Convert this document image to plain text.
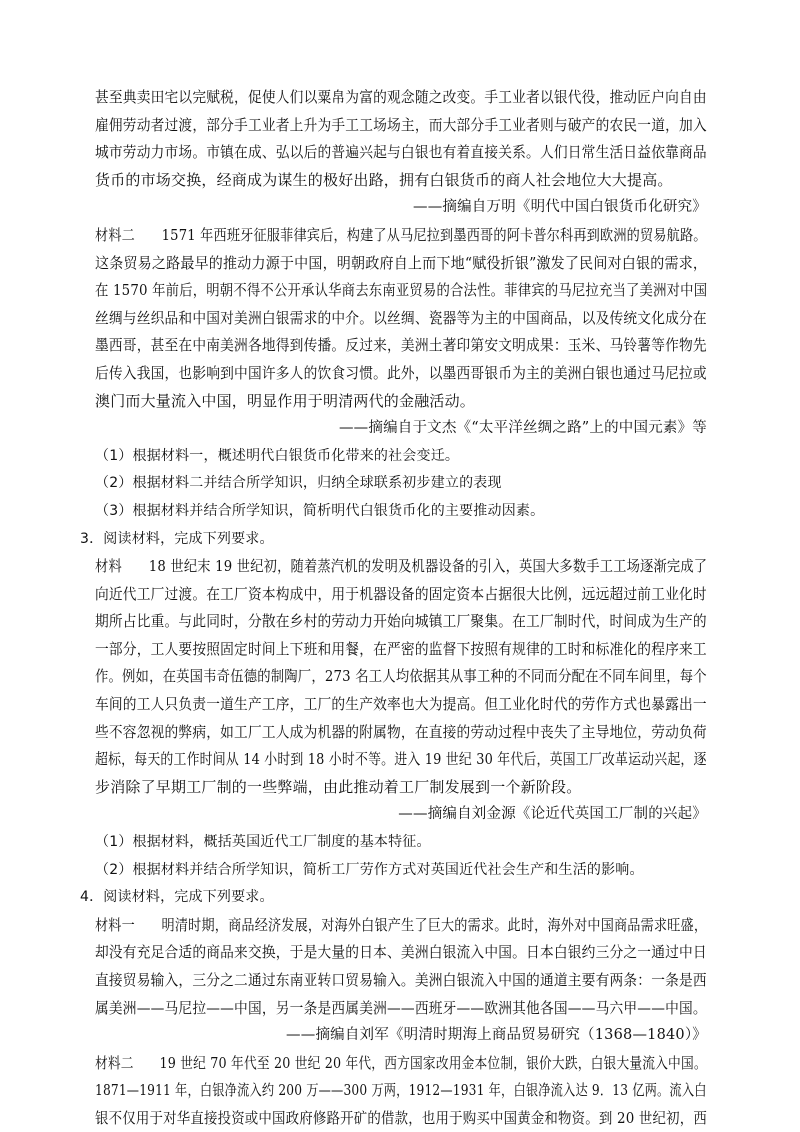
甚至典卖田宅以完赋税，促使人们以粟帛为富的观念随之改变。手工业者以银代役，推动匠户向自由
雇佣劳动者过渡，部分手工业者上升为手工工场场主，而大部分手工业者则与破产的农民一道，加入
城市劳动力市场。市镇在成、弘以后的普遍兴起与白银也有着直接关系。人们日常生活日益依靠商品
货币的市场交换，经商成为谋生的极好出路，拥有白银货币的商人社会地位大大提高。
——摘编自万明《明代中国白银货币化研究》
材料二　　1571 年西班牙征服菲律宾后，构建了从马尼拉到墨西哥的阿卡普尔科再到欧洲的贸易航路。
这条贸易之路最早的推动力源于中国，明朝政府自上而下地“赋役折银”激发了民间对白银的需求，
在 1570 年前后，明朝不得不公开承认华商去东南亚贸易的合法性。菲律宾的马尼拉充当了美洲对中国
丝绸与丝织品和中国对美洲白银需求的中介。以丝绸、瓷器等为主的中国商品，以及传统文化成分在
墨西哥，甚至在中南美洲各地得到传播。反过来，美洲土著印第安文明成果：玉米、马铃薯等作物先
后传入我国，也影响到中国许多人的饮食习惯。此外，以墨西哥银币为主的美洲白银也通过马尼拉或
澳门而大量流入中国，明显作用于明清两代的金融活动。
——摘编自于文杰《“太平洋丝绸之路”上的中国元素》等
（1）根据材料一，概述明代白银货币化带来的社会变迁。
（2）根据材料二并结合所学知识，归纳全球联系初步建立的表现
（3）根据材料并结合所学知识，简析明代白银货币化的主要推动因素。
3．阅读材料，完成下列要求。
材料　　18 世纪末 19 世纪初，随着蒸汽机的发明及机器设备的引入，英国大多数手工工场逐渐完成了
向近代工厂过渡。在工厂资本构成中，用于机器设备的固定资本占据很大比例，远远超过前工业化时
期所占比重。与此同时，分散在乡村的劳动力开始向城镇工厂聚集。在工厂制时代，时间成为生产的
一部分，工人要按照固定时间上下班和用餐，在严密的监督下按照有规律的工时和标准化的程序来工
作。例如，在英国韦奇伍德的制陶厂，273 名工人均依据其从事工种的不同而分配在不同车间里，每个
车间的工人只负责一道生产工序，工厂的生产效率也大为提高。但工业化时代的劳作方式也暴露出一
些不容忽视的弊病，如工厂工人成为机器的附属物，在直接的劳动过程中丧失了主导地位，劳动负荷
超标，每天的工作时间从 14 小时到 18 小时不等。进入 19 世纪 30 年代后，英国工厂改革运动兴起，逐
步消除了早期工厂制的一些弊端，由此推动着工厂制发展到一个新阶段。
——摘编自刘金源《论近代英国工厂制的兴起》
（1）根据材料，概括英国近代工厂制度的基本特征。
（2）根据材料并结合所学知识，简析工厂劳作方式对英国近代社会生产和生活的影响。
4．阅读材料，完成下列要求。
材料一　　明清时期，商品经济发展，对海外白银产生了巨大的需求。此时，海外对中国商品需求旺盛，
却没有充足合适的商品来交换，于是大量的日本、美洲白银流入中国。日本白银约三分之一通过中日
直接贸易输入，三分之二通过东南亚转口贸易输入。美洲白银流入中国的通道主要有两条：一条是西
属美洲——马尼拉——中国，另一条是西属美洲——西班牙——欧洲其他各国——马六甲——中国。
——摘编自刘军《明清时期海上商品贸易研究（1368—1840）》
材料二　　19 世纪 70 年代至 20 世纪 20 年代，西方国家改用金本位制，银价大跌，白银大量流入中国。
1871—1911 年，白银净流入约 200 万——300 万两，1912—1931 年，白银净流入达 9．13 亿两。流入白
银不仅用于对华直接投资或中国政府修路开矿的借款，也用于购买中国黄金和物资。到 20 世纪初，西
